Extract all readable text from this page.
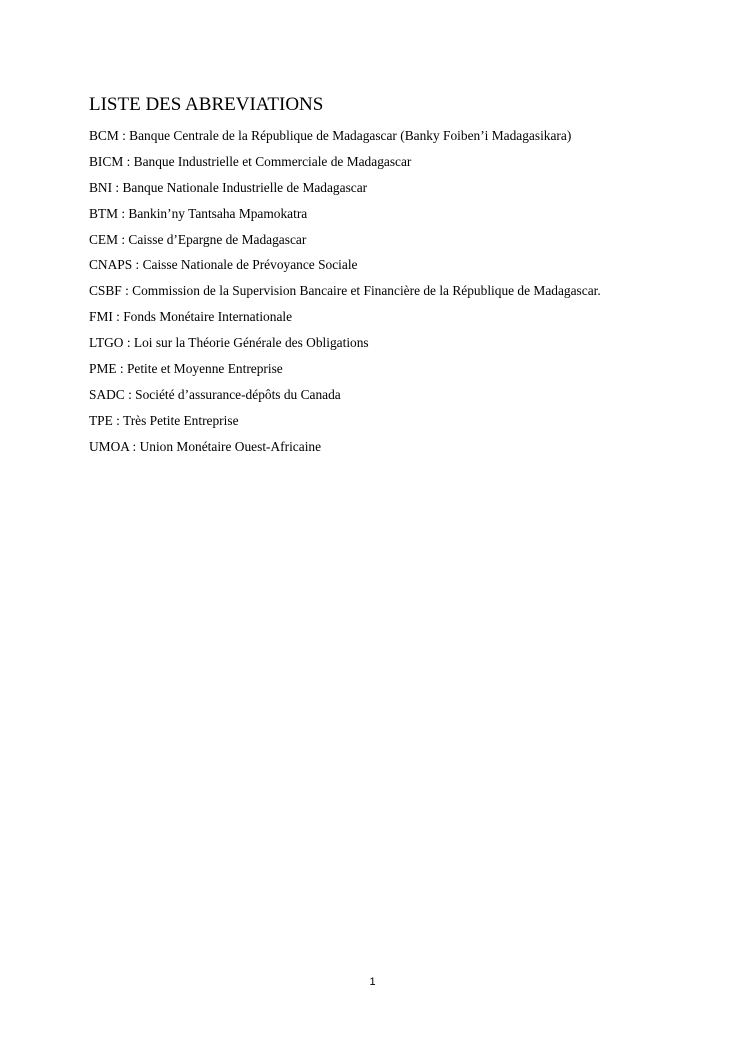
LISTE DES ABREVIATIONS
BCM : Banque Centrale de la République de Madagascar (Banky Foiben’i Madagasikara)
BICM : Banque Industrielle et Commerciale de Madagascar
BNI : Banque Nationale Industrielle de Madagascar
BTM : Bankin’ny Tantsaha Mpamokatra
CEM : Caisse d’Epargne de Madagascar
CNAPS : Caisse Nationale de Prévoyance Sociale
CSBF : Commission de la Supervision Bancaire et Financière de la République de Madagascar.
FMI : Fonds Monétaire Internationale
LTGO : Loi sur la Théorie Générale des Obligations
PME : Petite et Moyenne Entreprise
SADC : Société d’assurance-dépôts du Canada
TPE : Très Petite Entreprise
UMOA : Union Monétaire Ouest-Africaine
1
